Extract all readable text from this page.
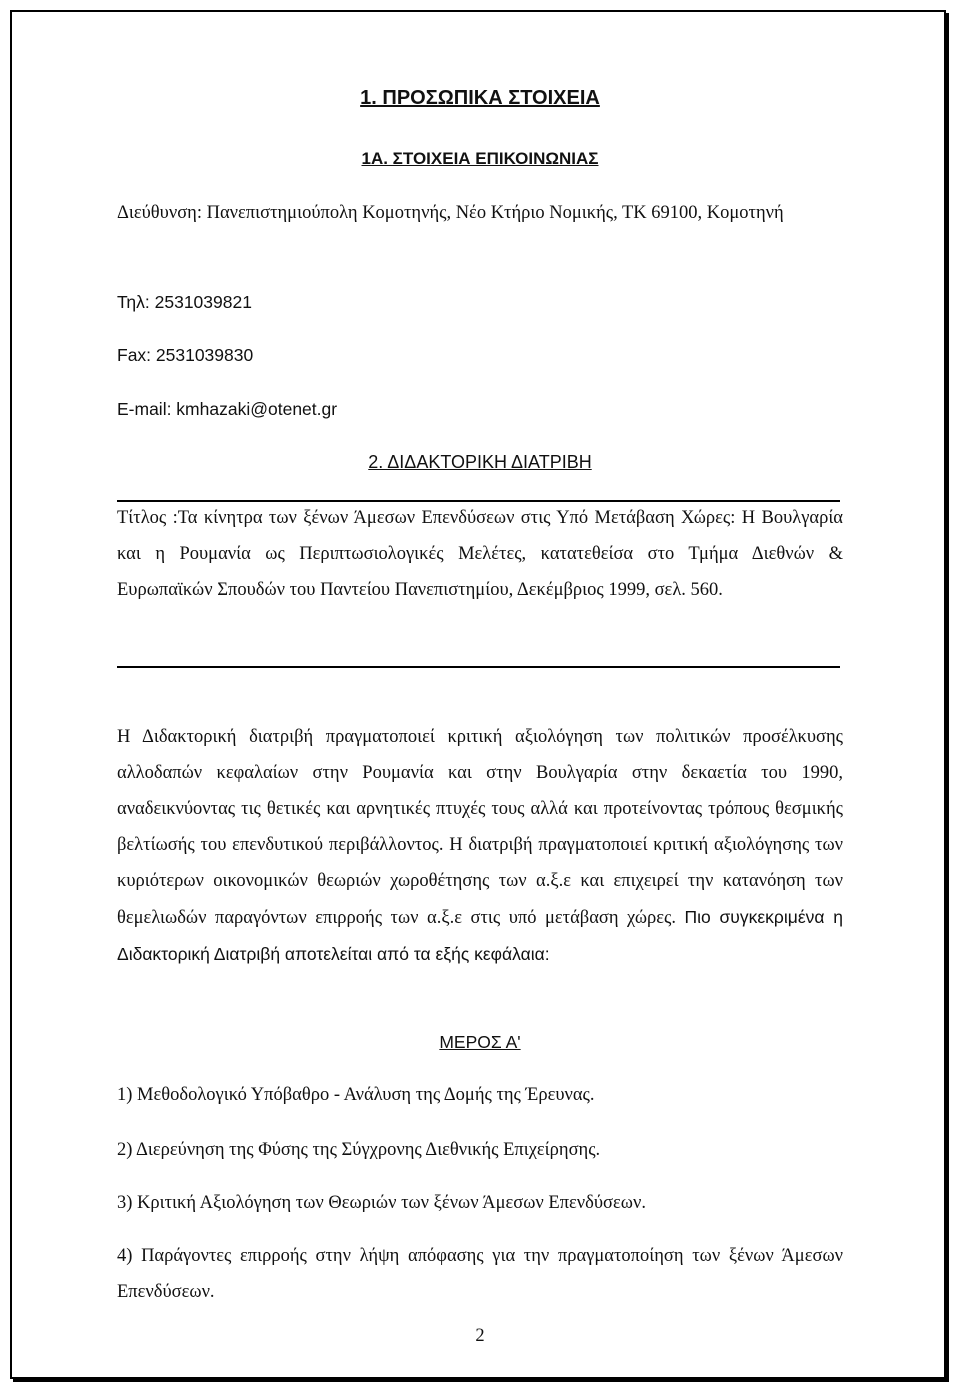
1. ΠΡΟΣΩΠΙΚΑ ΣΤΟΙΧΕΙΑ
1Α. ΣΤΟΙΧΕΙΑ ΕΠΙΚΟΙΝΩΝΙΑΣ
Διεύθυνση: Πανεπιστημιούπολη Κομοτηνής, Νέο Κτήριο Νομικής, ΤΚ 69100, Κομοτηνή
Τηλ: 2531039821
Fax: 2531039830
E-mail: kmhazaki@otenet.gr
2. ΔΙΔΑΚΤΟΡΙΚΗ ΔΙΑΤΡΙΒΗ
Τίτλος :Τα κίνητρα των ξένων Άμεσων Επενδύσεων στις Υπό Μετάβαση Χώρες: Η Βουλγαρία και η Ρουμανία ως Περιπτωσιολογικές Μελέτες, κατατεθείσα στο Τμήμα Διεθνών & Ευρωπαϊκών Σπουδών του Παντείου Πανεπιστημίου, Δεκέμβριος 1999, σελ. 560.
Η Διδακτορική διατριβή πραγματοποιεί κριτική αξιολόγηση των πολιτικών προσέλκυσης αλλοδαπών κεφαλαίων στην Ρουμανία και στην Βουλγαρία στην δεκαετία του 1990, αναδεικνύοντας τις θετικές και αρνητικές πτυχές τους αλλά και προτείνοντας τρόπους θεσμικής βελτίωσής του επενδυτικού περιβάλλοντος. Η διατριβή πραγματοποιεί κριτική αξιολόγησης των κυριότερων οικονομικών θεωριών χωροθέτησης των α.ξ.ε και επιχειρεί την κατανόηση των θεμελιωδών παραγόντων επιρροής των α.ξ.ε στις υπό μετάβαση χώρες. Πιο συγκεκριμένα η Διδακτορική Διατριβή αποτελείται από τα εξής κεφάλαια:
ΜΕΡΟΣ Α'
1) Μεθοδολογικό Υπόβαθρο - Ανάλυση της Δομής της Έρευνας.
2) Διερεύνηση της Φύσης της Σύγχρονης Διεθνικής Επιχείρησης.
3) Κριτική Αξιολόγηση των Θεωριών των ξένων Άμεσων Επενδύσεων.
4) Παράγοντες επιρροής στην λήψη απόφασης για την πραγματοποίηση των ξένων Άμεσων Επενδύσεων.
2
